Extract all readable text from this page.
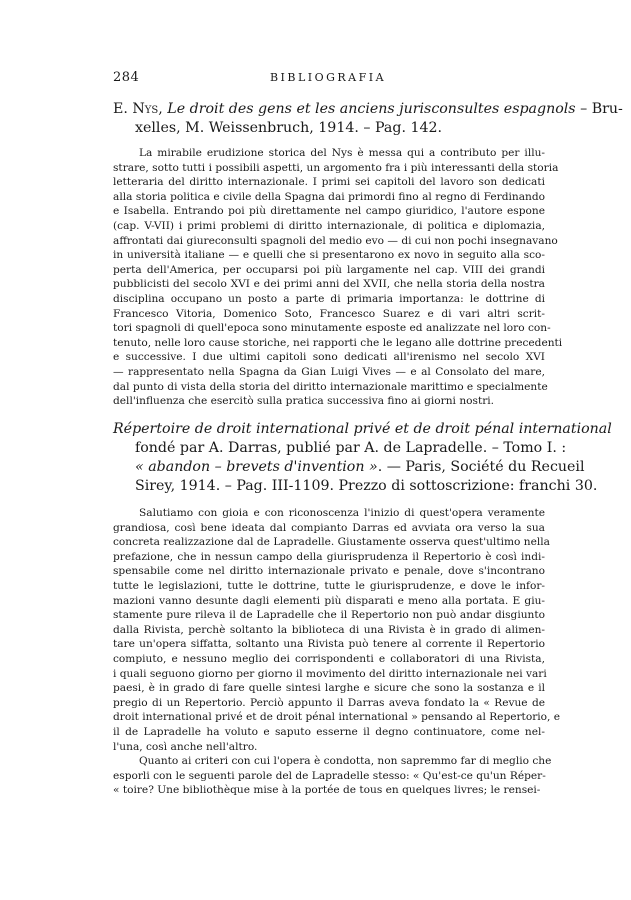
284	BIBLIOGRAFIA
E. Nys, Le droit des gens et les anciens jurisconsultes espagnols – Bru-
xelles, M. Weissenbruch, 1914. – Pag. 142.
La mirabile erudizione storica del Nys è messa qui a contributo per illu-
strare, sotto tutti i possibili aspetti, un argomento fra i più interessanti della storia
letteraria del diritto internazionale. I primi sei capitoli del lavoro son dedicati
alla storia politica e civile della Spagna dai primordi fino al regno di Ferdinando
e Isabella. Entrando poi più direttamente nel campo giuridico, l'autore espone
(cap. V-VII) i primi problemi di diritto internazionale, di politica e diplomazia,
affrontati dai giureconsulti spagnoli del medio evo — di cui non pochi insegnavano
in università italiane — e quelli che si presentarono ex novo in seguito alla sco-
perta dell'America, per occuparsi poi più largamente nel cap. VIII dei grandi
pubblicisti del secolo XVI e dei primi anni del XVII, che nella storia della nostra
disciplina occupano un posto a parte di primaria importanza: le dottrine di
Francesco Vitoria, Domenico Soto, Francesco Suarez e di vari altri scrit-
tori spagnoli di quell'epoca sono minutamente esposte ed analizzate nel loro con-
tenuto, nelle loro cause storiche, nei rapporti che le legano alle dottrine precedenti
e successive. I due ultimi capitoli sono dedicati all'irenismo nel secolo XVI
— rappresentato nella Spagna da Gian Luigi Vives — e al Consolato del mare,
dal punto di vista della storia del diritto internazionale marittimo e specialmente
dell'influenza che esercitò sulla pratica successiva fino ai giorni nostri.
Répertoire de droit international privé et de droit pénal international
fondé par A. Darras, publié par A. de Lapradelle. – Tomo I. :
« abandon – brevets d'invention ». — Paris, Société du Recueil
Sirey, 1914. – Pag. III-1109. Prezzo di sottoscrizione: franchi 30.
Salutiamo con gioia e con riconoscenza l'inizio di quest'opera veramente
grandiosa, così bene ideata dal compianto Darras ed avviata ora verso la sua
concreta realizzazione dal de Lapradelle. Giustamente osserva quest'ultimo nella
prefazione, che in nessun campo della giurisprudenza il Repertorio è così indi-
spensabile come nel diritto internazionale privato e penale, dove s'incontrano
tutte le legislazioni, tutte le dottrine, tutte le giurisprudenze, e dove le infor-
mazioni vanno desunte dagli elementi più disparati e meno alla portata. E giu-
stamente pure rileva il de Lapradelle che il Repertorio non può andar disgiunto
dalla Rivista, perchè soltanto la biblioteca di una Rivista è in grado di alimen-
tare un'opera siffatta, soltanto una Rivista può tenere al corrente il Repertorio
compiuto, e nessuno meglio dei corrispondenti e collaboratori di una Rivista,
i quali seguono giorno per giorno il movimento del diritto internazionale nei vari
paesi, è in grado di fare quelle sintesi larghe e sicure che sono la sostanza e il
pregio di un Repertorio. Perciò appunto il Darras aveva fondato la « Revue de
droit international privé et de droit pénal international » pensando al Repertorio, e
il de Lapradelle ha voluto e saputo esserne il degno continuatore, come nel-
l'una, così anche nell'altro.
Quanto ai criteri con cui l'opera è condotta, non sapremmo far di meglio che
esporli con le seguenti parole del de Lapradelle stesso: « Qu'est-ce qu'un Réper-
« toire? Une bibliothèque mise à la portée de tous en quelques livres; le rensei-
